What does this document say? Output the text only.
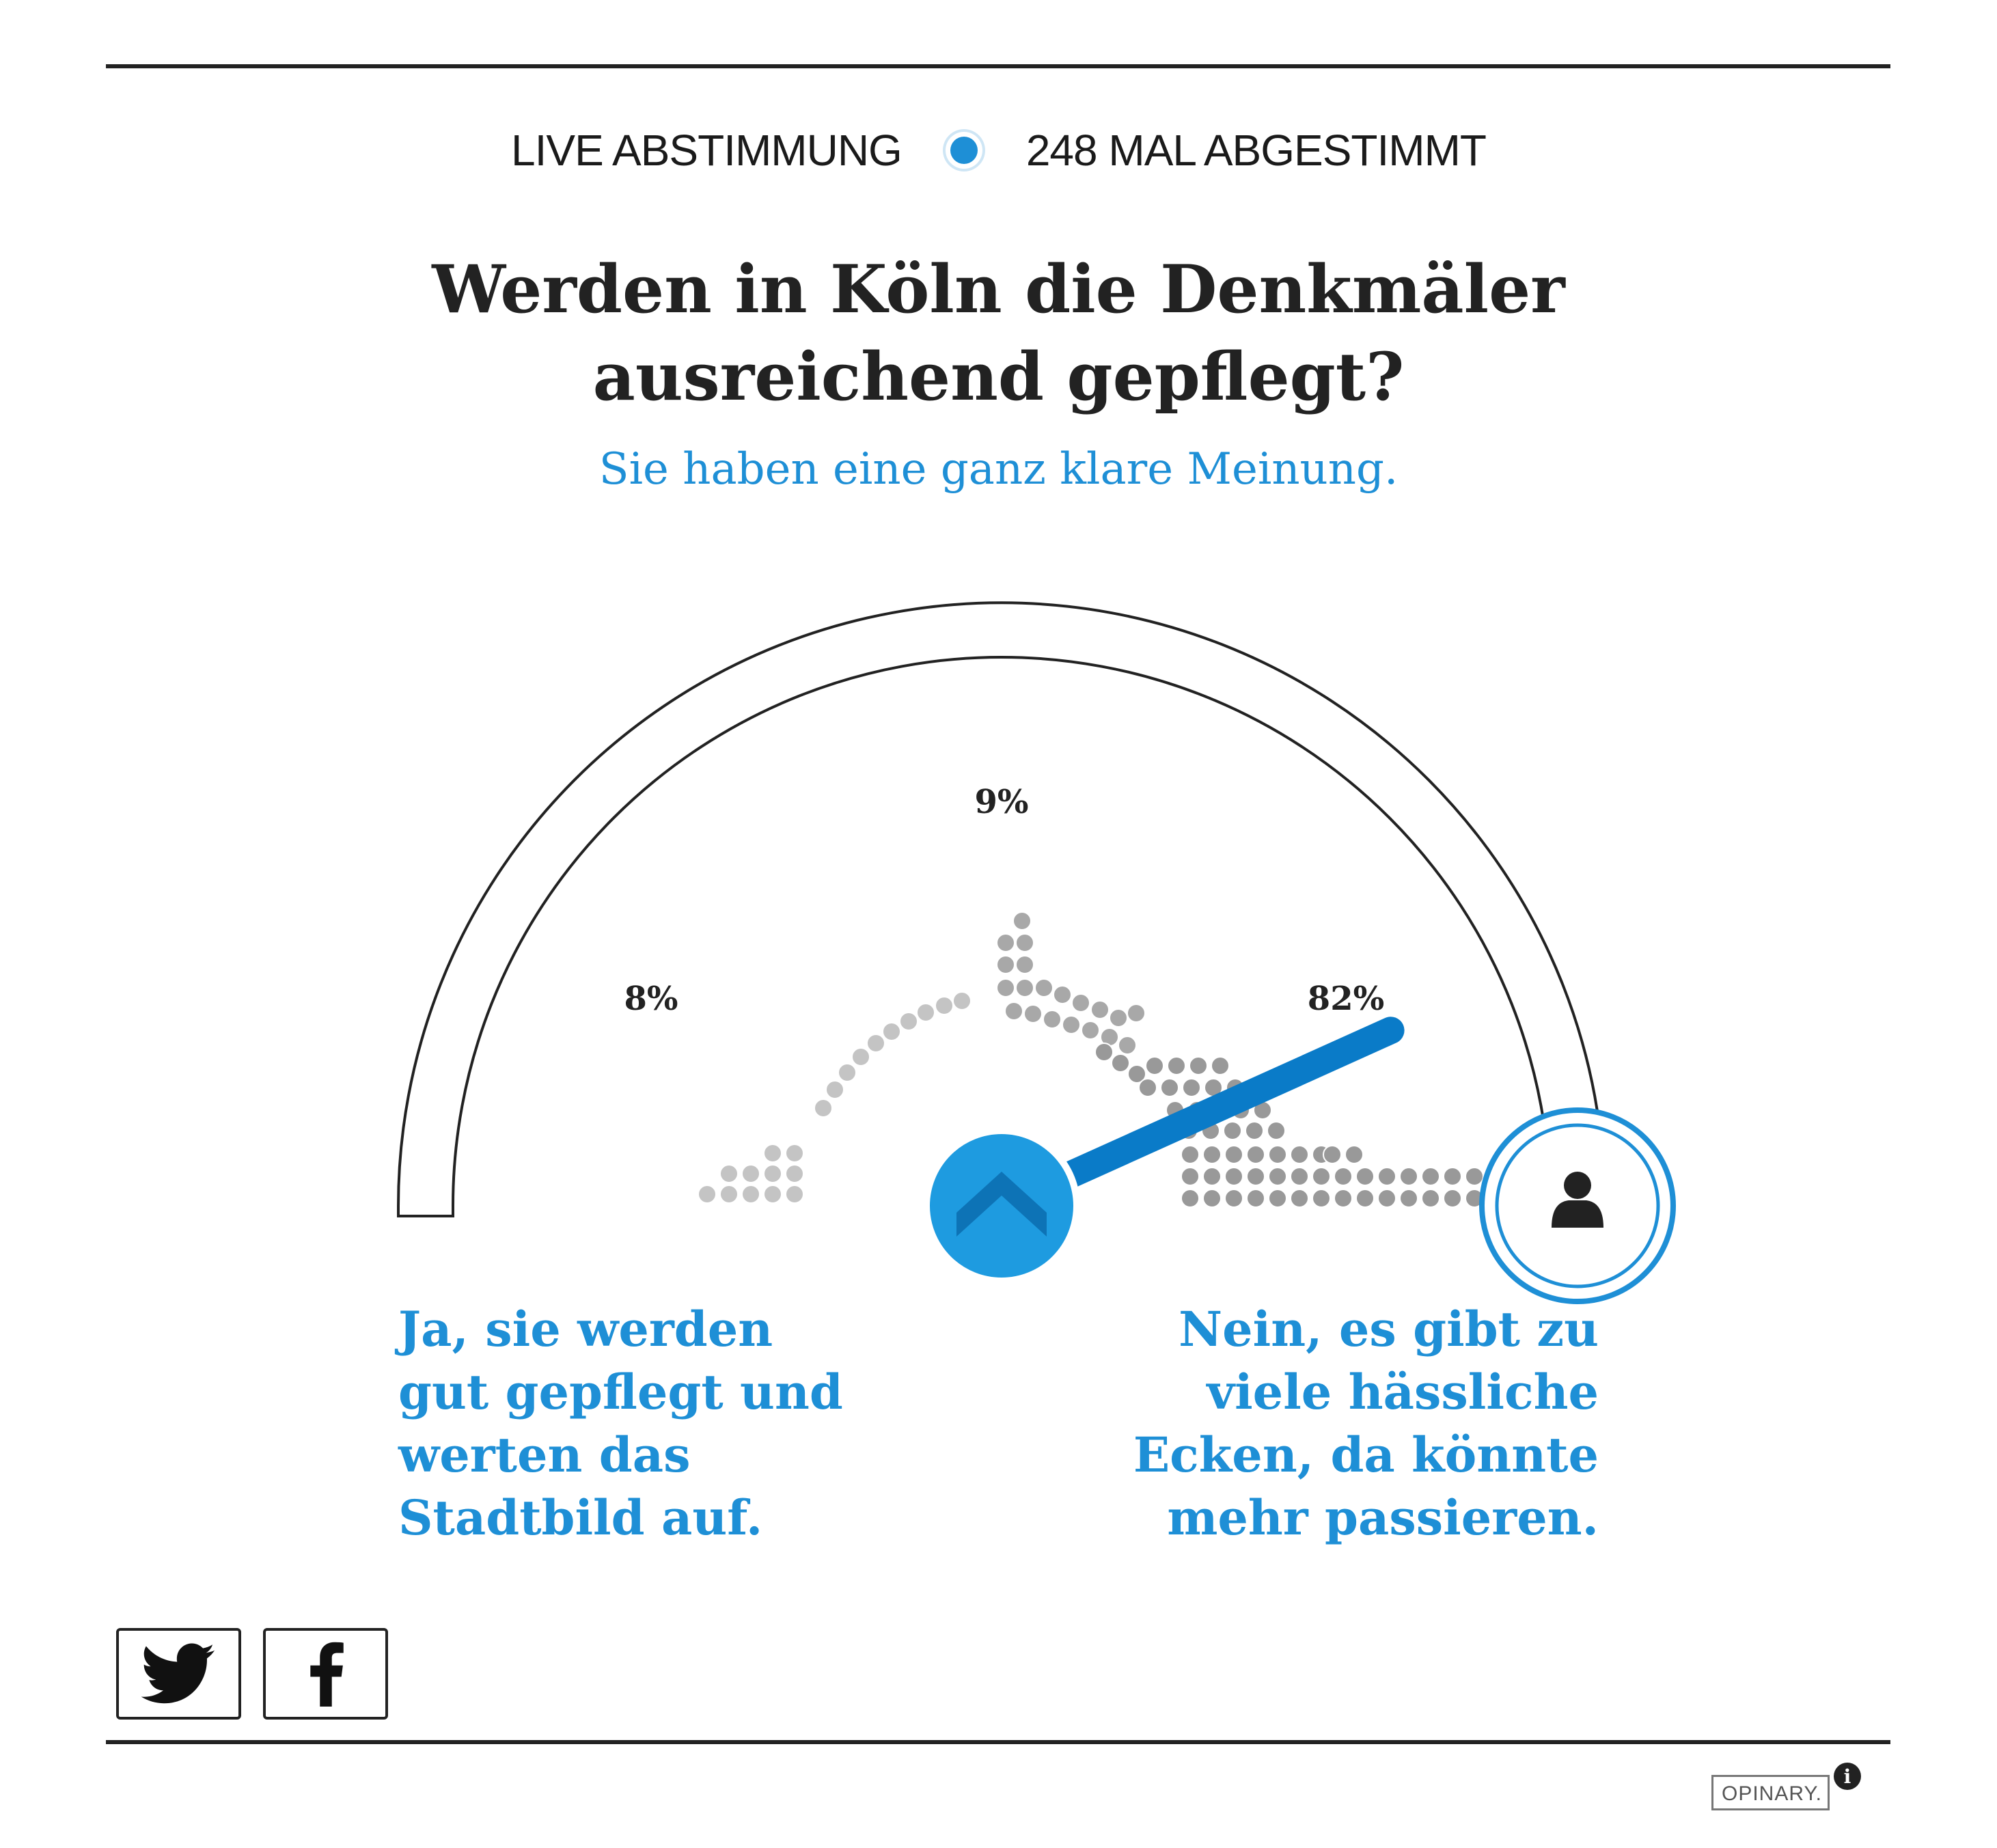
LIVE ABSTIMMUNG	248 MAL ABGESTIMMT
Werden in Köln die Denkmäler
ausreichend gepflegt?
Sie haben eine ganz klare Meinung.
8%
9%
82%
Ja, sie werden
gut gepflegt und
werten das
Stadtbild auf.
Nein, es gibt zu
viele hässliche
Ecken, da könnte
mehr passieren.
OPINARY.
i
